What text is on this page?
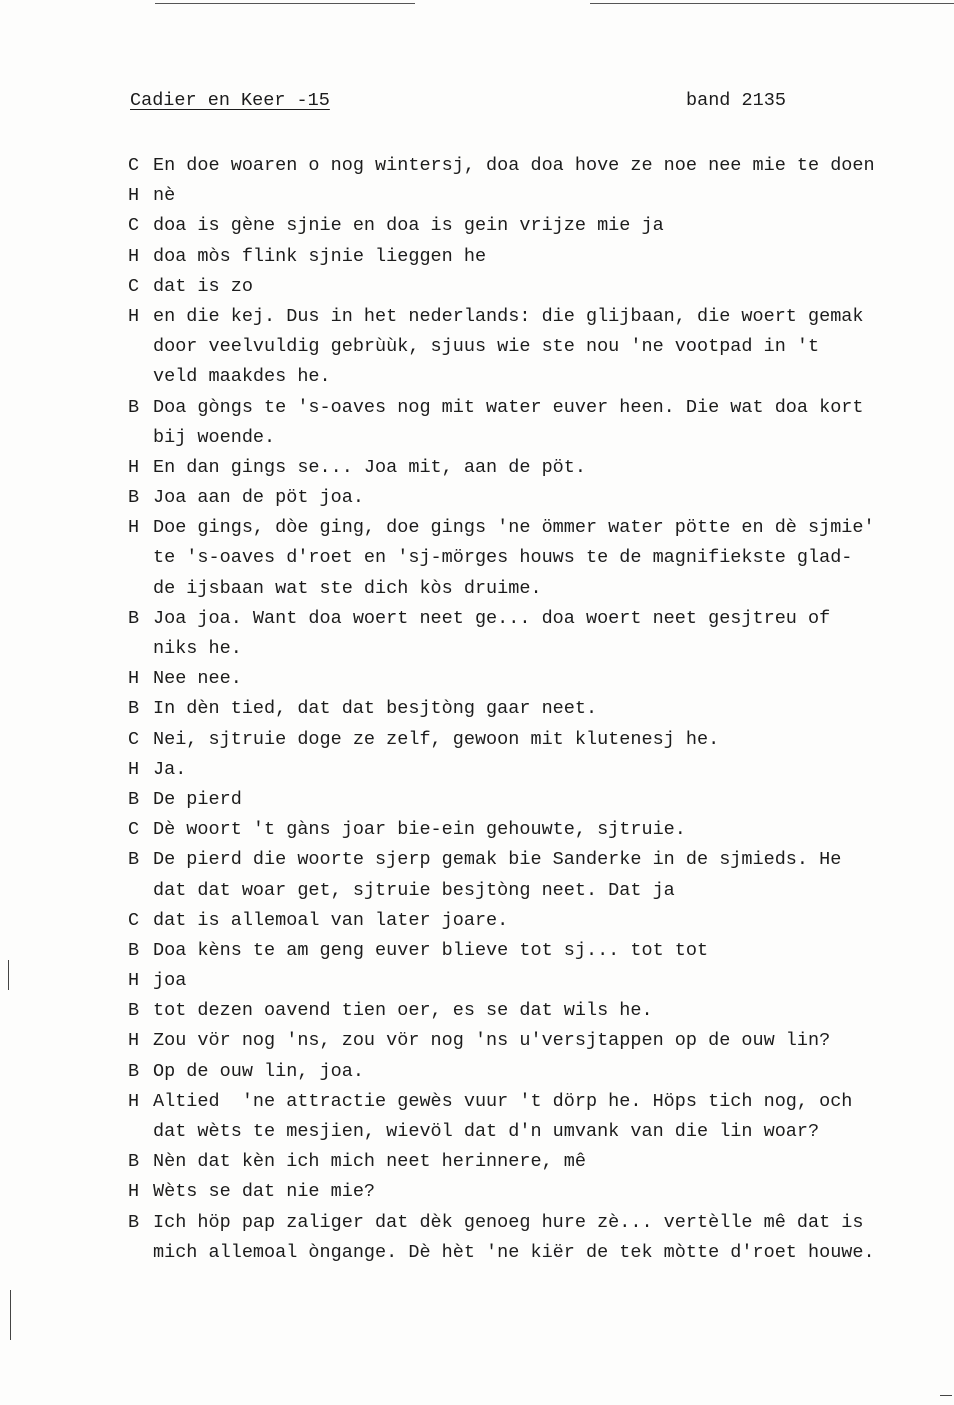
Cadier en Keer -15	band 2135
C En doe woaren o nog wintersj, doa doa hove ze noe nee mie te doen
H nè
C doa is gène sjnie en doa is gein vrijze mie ja
H doa mòs flink sjnie lieggen he
C dat is zo
H en die kej. Dus in het nederlands: die glijbaan, die woert gemak
door veelvuldig gebrùùk, sjuus wie ste nou 'ne vootpad in 't
veld maakdes he.
B Doa gòngs te 's-oaves nog mit water euver heen. Die wat doa kort
bij woende.
H En dan gings se... Joa mit, aan de pöt.
B Joa aan de pöt joa.
H Doe gings, dòe ging, doe gings 'ne ömmer water pötte en dè sjmie'
te 's-oaves d'roet en 'sj-mörges houws te de magnifiekste glad-
de ijsbaan wat ste dich kòs druime.
B Joa joa. Want doa woert neet ge... doa woert neet gesjtreu of
niks he.
H Nee nee.
B In dèn tied, dat dat besjtòng gaar neet.
C Nei, sjtruie doge ze zelf, gewoon mit klutenesj he.
H Ja.
B De pierd
C Dè woort 't gàns joar bie-ein gehouwte, sjtruie.
B De pierd die woorte sjerp gemak bie Sanderke in de sjmieds. He
dat dat woar get, sjtruie besjtòng neet. Dat ja
C dat is allemoal van later joare.
B Doa kèns te am geng euver blieve tot sj... tot tot
H joa
B tot dezen oavend tien oer, es se dat wils he.
H Zou vör nog 'ns, zou vör nog 'ns u'versjtappen op de ouw lin?
B Op de ouw lin, joa.
H Altied  'ne attractie gewès vuur 't dörp he. Höps tich nog, och
dat wèts te mesjien, wievöl dat d'n umvank van die lin woar?
B Nèn dat kèn ich mich neet herinnere, mê
H Wèts se dat nie mie?
B Ich höp pap zaliger dat dèk genoeg hure zè... vertèlle mê dat is
mich allemoal òngange. Dè hèt 'ne kiër de tek mòtte d'roet houwe.
